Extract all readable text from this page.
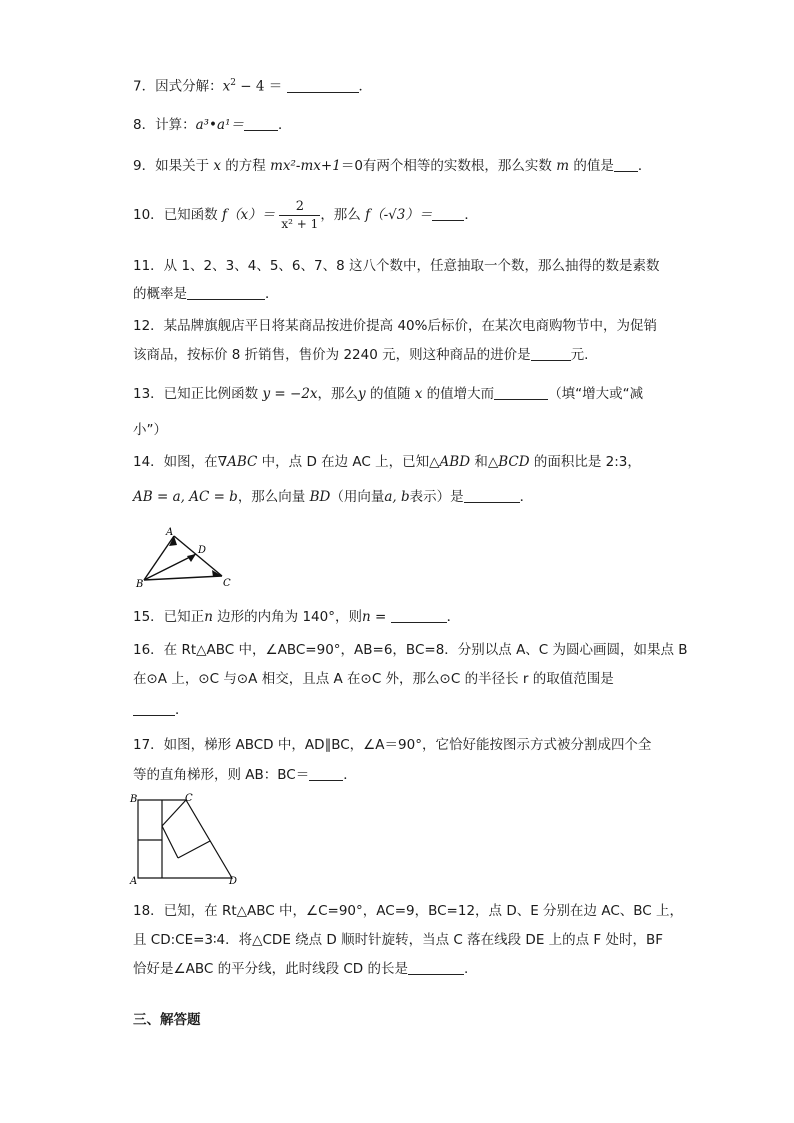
7．因式分解：$x^2 - 4$ ＝	．
8．计算：a³•a¹＝	．
9．如果关于 x 的方程 mx²-mx+1＝0有两个相等的实数根，那么实数 m 的值是 ．
10．已知函数 $f(x)= \frac{2}{\text{x² + 1}}$ ，那么 f（-√3）＝ ．
11．从 1、2、3、4、5、6、7、8 这八个数中，任意抽取一个数，那么抽得的数是素数
的概率是	．
12．某品牌旗舰店平日将某商品按进价提高 40%后标价，在某次电商购物节中，为促销
该商品，按标价 8 折销售，售价为 2240 元，则这种商品的进价是	元.
13．已知正比例函数 y = −2x，那么y 的值随 x 的值增大而	（填“增大或“减
小”）
14．如图，在∇ABC 中，点 D 在边 AC 上，已知△ABD 和△BCD 的面积比是 2:3，
AB = a, AC = b，那么向量 BD（用向量a, b表示）是	．
A
D
B	C
15．已知正n 边形的内角为 140°，则n =	．
16．在 Rt△ABC 中，∠ABC=90°，AB=6，BC=8．分别以点 A、C 为圆心画圆，如果点 B
在⊙A 上，⊙C 与⊙A 相交，且点 A 在⊙C 外，那么⊙C 的半径长 r 的取值范围是
．
17．如图，梯形 ABCD 中，AD∥BC，∠A＝90°，它恰好能按图示方式被分割成四个全
等的直角梯形，则 AB：BC＝	．
B	C
A	D
18．已知，在 Rt△ABC 中，∠C=90°，AC=9，BC=12，点 D、E 分别在边 AC、BC 上，
且 CD:CE=3∶4．将△CDE 绕点 D 顺时针旋转，当点 C 落在线段 DE 上的点 F 处时，BF
恰好是∠ABC 的平分线，此时线段 CD 的长是	.
三、解答题
